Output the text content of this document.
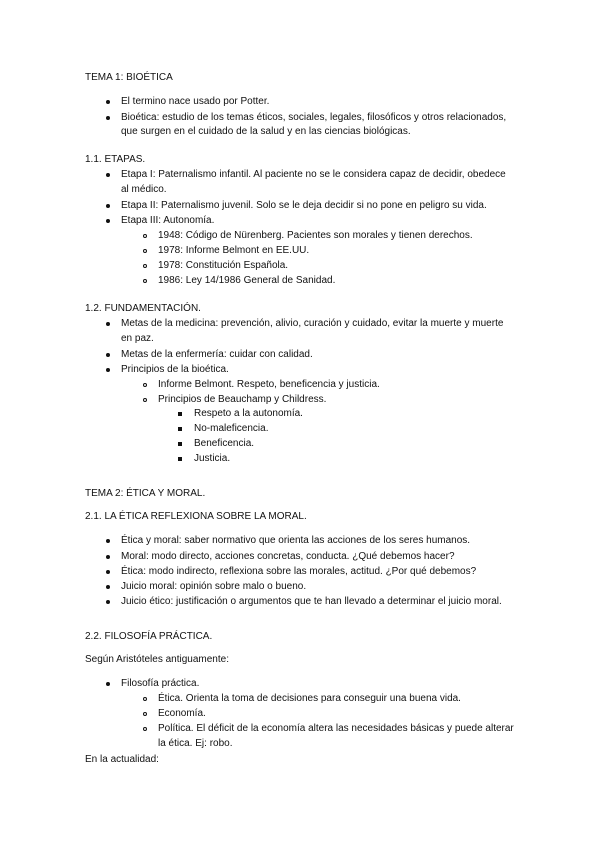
TEMA 1: BIOÉTICA
El termino nace usado por Potter.
Bioética: estudio de los temas éticos, sociales, legales, filosóficos y otros relacionados,
que surgen en el cuidado de la salud y en las ciencias biológicas.
1.1. ETAPAS.
Etapa I: Paternalismo infantil. Al paciente no se le considera capaz de decidir, obedece
al médico.
Etapa II: Paternalismo juvenil. Solo se le deja decidir si no pone en peligro su vida.
Etapa III: Autonomía.
1948: Código de Nürenberg. Pacientes son morales y tienen derechos.
1978: Informe Belmont en EE.UU.
1978: Constitución Española.
1986: Ley 14/1986 General de Sanidad.
1.2. FUNDAMENTACIÓN.
Metas de la medicina: prevención, alivio, curación y cuidado, evitar la muerte y muerte
en paz.
Metas de la enfermería: cuidar con calidad.
Principios de la bioética.
Informe Belmont. Respeto, beneficencia y justicia.
Principios de Beauchamp y Childress.
Respeto a la autonomía.
No-maleficencia.
Beneficencia.
Justicia.
TEMA 2: ÉTICA Y MORAL.
2.1. LA ÉTICA REFLEXIONA SOBRE LA MORAL.
Ética y moral: saber normativo que orienta las acciones de los seres humanos.
Moral: modo directo, acciones concretas, conducta. ¿Qué debemos hacer?
Ética: modo indirecto, reflexiona sobre las morales, actitud. ¿Por qué debemos?
Juicio moral: opinión sobre malo o bueno.
Juicio ético: justificación o argumentos que te han llevado a determinar el juicio moral.
2.2. FILOSOFÍA PRÁCTICA.
Según Aristóteles antiguamente:
Filosofía práctica.
Ética. Orienta la toma de decisiones para conseguir una buena vida.
Economía.
Política. El déficit de la economía altera las necesidades básicas y puede alterar
la ética. Ej: robo.
En la actualidad:
